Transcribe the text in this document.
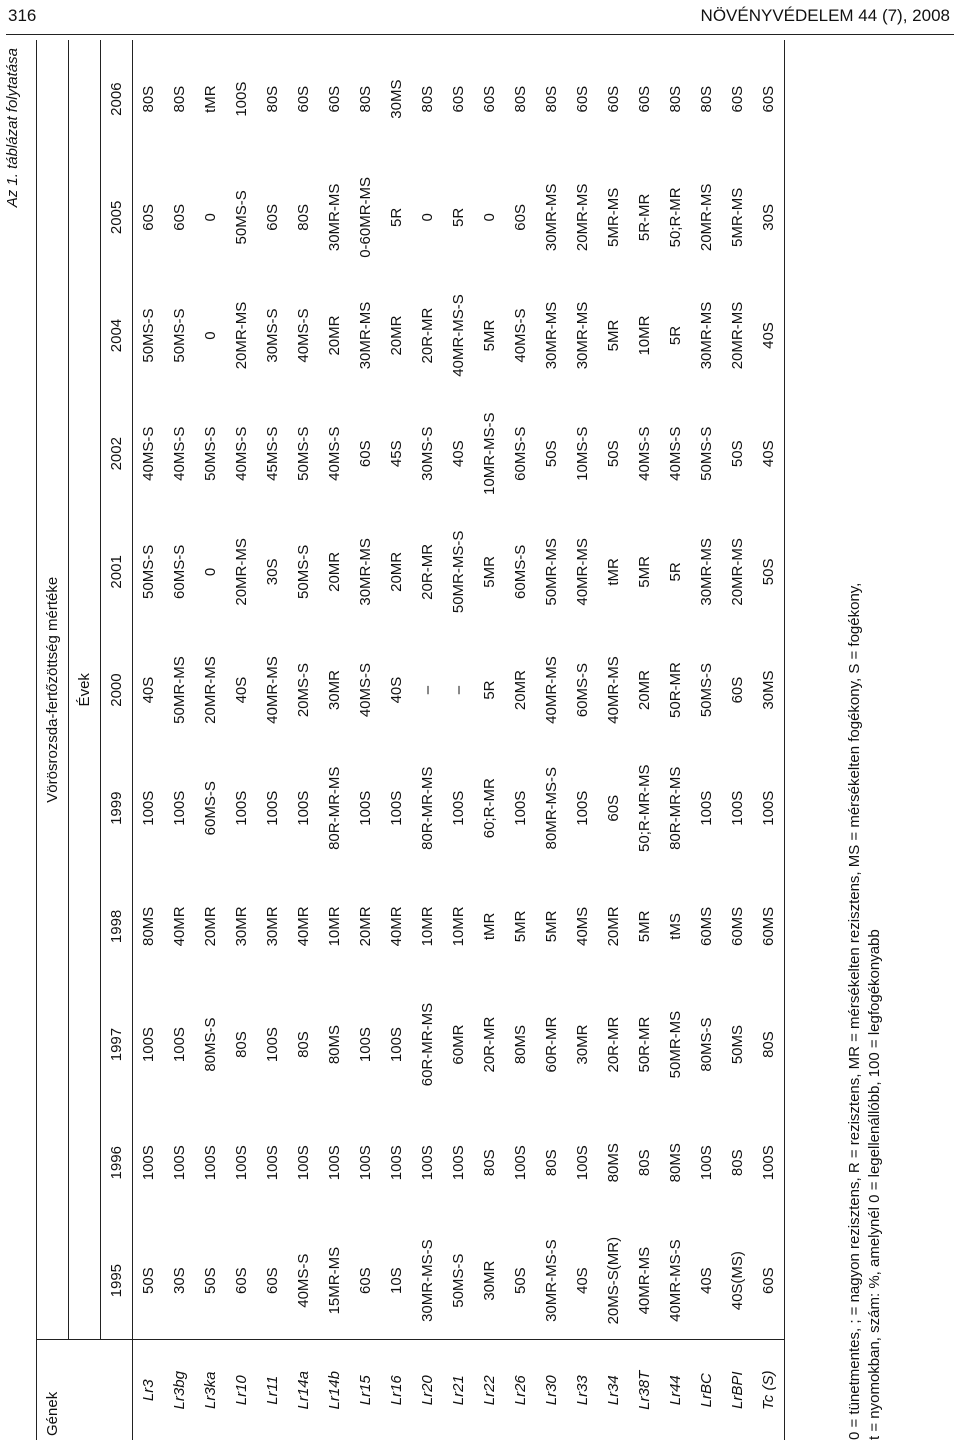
316	NÖVÉNYVÉDELEM 44 (7), 2008
Az 1. táblázat folytatása
Gének	Vörösrozsda-fertőzöttség mértéke										
	Évek										
	1995	1996	1997	1998	1999	2000	2001	2002	2004	2005	2006
Lr3	50S	100S	100S	80MS	100S	40S	50MS-S	40MS-S	50MS-S	60S	80S
Lr3bg	30S	100S	100S	40MR	100S	50MR-MS	60MS-S	40MS-S	50MS-S	60S	80S
Lr3ka	50S	100S	80MS-S	20MR	60MS-S	20MR-MS	0	50MS-S	0	0	tMR
Lr10	60S	100S	80S	30MR	100S	40S	20MR-MS	40MS-S	20MR-MS	50MS-S	100S
Lr11	60S	100S	100S	30MR	100S	40MR-MS	30S	45MS-S	30MS-S	60S	80S
Lr14a	40MS-S	100S	80S	40MR	100S	20MS-S	50MS-S	50MS-S	40MS-S	80S	60S
Lr14b	15MR-MS	100S	80MS	10MR	80R-MR-MS	30MR	20MR	40MS-S	20MR	30MR-MS	60S
Lr15	60S	100S	100S	20MR	100S	40MS-S	30MR-MS	60S	30MR-MS	0-60MR-MS	80S
Lr16	10S	100S	100S	40MR	100S	40S	20MR	45S	20MR	5R	30MS
Lr20	30MR-MS-S	100S	60R-MR-MS	10MR	80R-MR-MS	–	20R-MR	30MS-S	20R-MR	0	80S
Lr21	50MS-S	100S	60MR	10MR	100S	–	50MR-MS-S	40S	40MR-MS-S	5R	60S
Lr22	30MR	80S	20R-MR	tMR	60;R-MR	5R	5MR	10MR-MS-S	5MR	0	60S
Lr26	50S	100S	80MS	5MR	100S	20MR	60MS-S	60MS-S	40MS-S	60S	80S
Lr30	30MR-MS-S	80S	60R-MR	5MR	80MR-MS-S	40MR-MS	50MR-MS	50S	30MR-MS	30MR-MS	80S
Lr33	40S	100S	30MR	40MS	100S	60MS-S	40MR-MS	10MS-S	30MR-MS	20MR-MS	60S
Lr34	20MS-S(MR)	80MS	20R-MR	20MR	60S	40MR-MS	tMR	50S	5MR	5MR-MS	60S
Lr38T	40MR-MS	80S	50R-MR	5MR	50;R-MR-MS	20MR	5MR	40MS-S	10MR	5R-MR	60S
Lr44	40MR-MS-S	80MS	50MR-MS	tMS	80R-MR-MS	50R-MR	5R	40MS-S	5R	50;R-MR	80S
LrBC	40S	100S	80MS-S	60MS	100S	50MS-S	30MR-MS	50MS-S	30MR-MS	20MR-MS	80S
LrBPI	40S(MS)	80S	50MS	60MS	100S	60S	20MR-MS	50S	20MR-MS	5MR-MS	60S
Tc (S)	60S	100S	80S	60MS	100S	30MS	50S	40S	40S	30S	60S
0 = tünetmentes, ; = nagyon rezisztens, R = rezisztens, MR = mérsékelten rezisztens, MS = mérsékelten fogékony, S = fogékony, t = nyomokban, szám: %, amelynél 0 = legellenállóbb, 100 = legfogékonyabb
